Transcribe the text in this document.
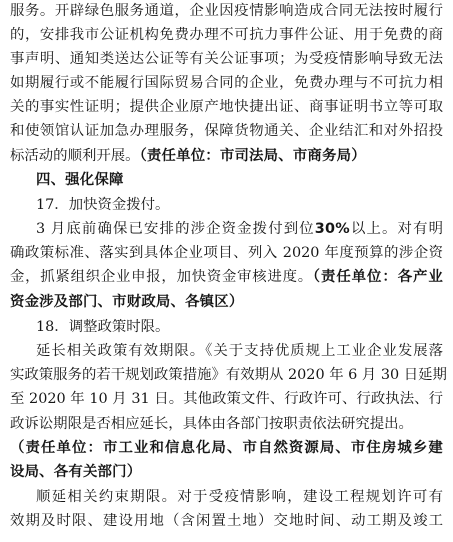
服务。开辟绿色服务通道，企业因疫情影响造成合同无法按时履行
的，安排我市公证机构免费办理不可抗力事件公证、用于免费的商
事声明、通知类送达公证等有关公证事项；为受疫情影响导致无法
如期履行或不能履行国际贸易合同的企业，免费办理与不可抗力相
关的事实性证明；提供企业原产地快捷出证、商事证明书立等可取
和使领馆认证加急办理服务，保障货物通关、企业结汇和对外招投
标活动的顺利开展。（责任单位：市司法局、市商务局）
四、强化保障
17．加快资金拨付。
3 月底前确保已安排的涉企资金拨付到位30%以上。对有明
确政策标准、落实到具体企业项目、列入 2020 年度预算的涉企资
金，抓紧组织企业申报，加快资金审核进度。（责任单位：各产业
资金涉及部门、市财政局、各镇区）
18．调整政策时限。
延长相关政策有效期限。《关于支持优质规上工业企业发展落
实政策服务的若干规划政策措施》有效期从 2020 年 6 月 30 日延期
至 2020 年 10 月 31 日。其他政策文件、行政许可、行政执法、行
政诉讼期限是否相应延长，具体由各部门按职责依法研究提出。
（责任单位：市工业和信息化局、市自然资源局、市住房城乡建
设局、各有关部门）
顺延相关约束期限。对于受疫情影响，建设工程规划许可有
效期及时限、建设用地（含闲置土地）交地时间、动工期及竣工
